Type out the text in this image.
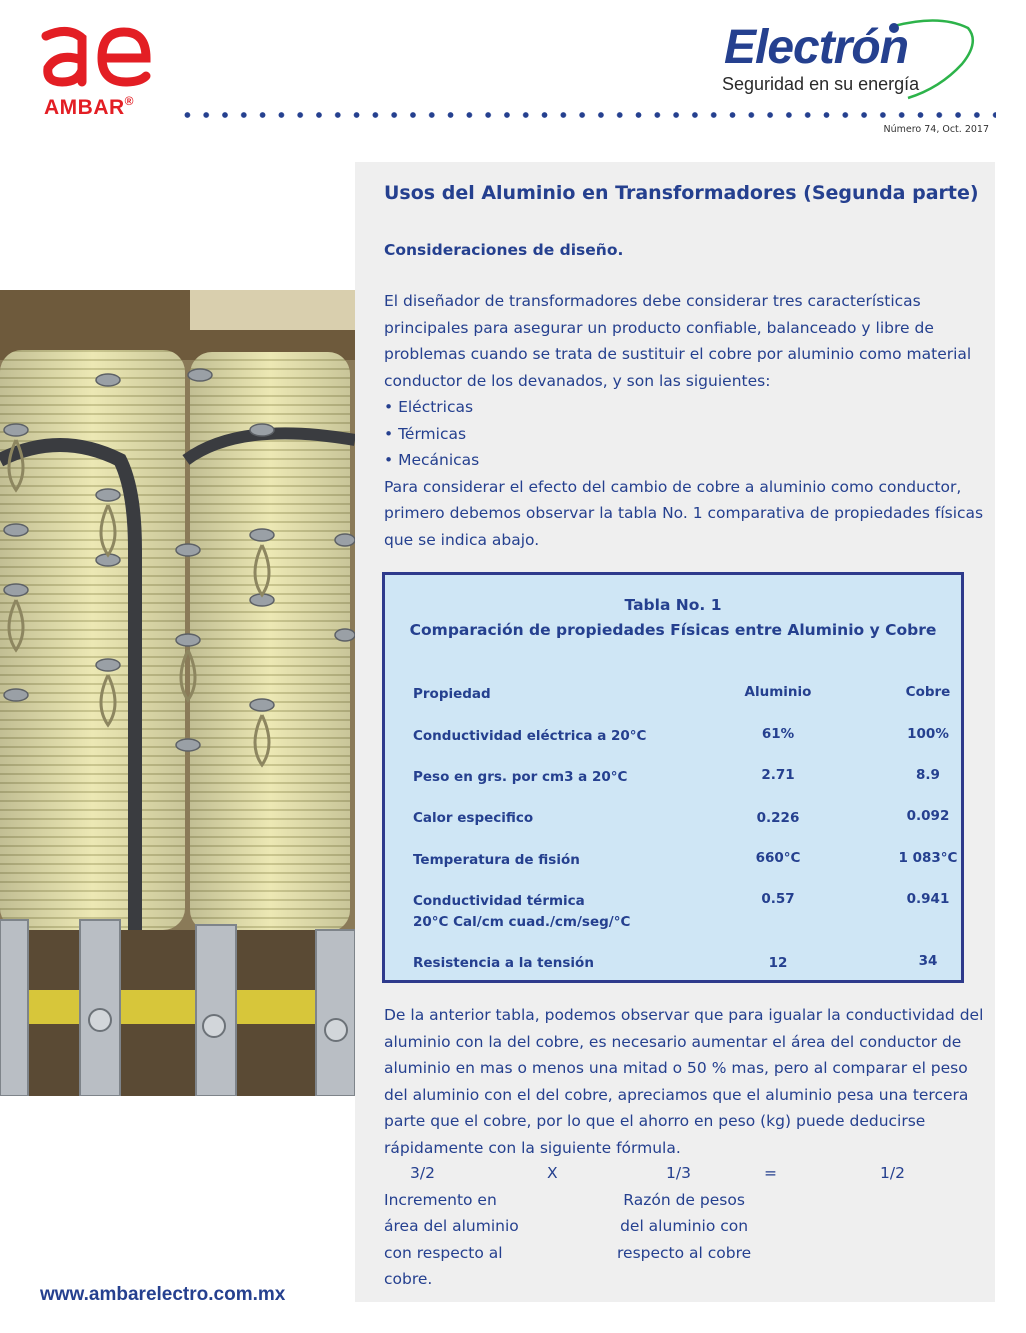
AMBAR®
Electrón
Seguridad en su energía
Número 74, Oct. 2017
Usos del Aluminio en Transformadores (Segunda parte)
Consideraciones de diseño.

El diseñador de transformadores debe considerar tres características principales para asegurar un producto confiable, balanceado y libre de problemas cuando se trata de sustituir el cobre por aluminio como material conductor de los devanados, y son las siguientes:

• Eléctricas
• Térmicas
• Mecánicas

Para considerar el efecto del cambio de cobre a aluminio como conductor, primero debemos observar la tabla No. 1 comparativa de propiedades físicas que se indica abajo.

Tabla No. 1
Comparación de propiedades Físicas entre Aluminio y Cobre
Propiedad	Aluminio	Cobre
Conductividad eléctrica a 20°C	61%	100%
Peso en grs. por cm3 a 20°C	2.71	8.9
Calor especifico	0.226	0.092
Temperatura de fisión	660°C	1 083°C
Conductividad térmica
20°C Cal/cm cuad./cm/seg/°C
0.57	0.941
Resistencia a la tensión	12	34

De la anterior tabla, podemos observar que para igualar la conductividad del aluminio con la del cobre, es necesario aumentar el área del conductor de aluminio en mas o menos una mitad o 50 % mas, pero al comparar el peso del aluminio con el del cobre, apreciamos que el aluminio pesa una tercera parte que el cobre, por lo que el ahorro en peso (kg) puede deducirse rápidamente con la siguiente fórmula.

3/2	X	1/3	=	1/2
Incremento en
área del aluminio
con respecto al
cobre.
Razón de pesos
del aluminio con
respecto al cobre
www.ambarelectro.com.mx
